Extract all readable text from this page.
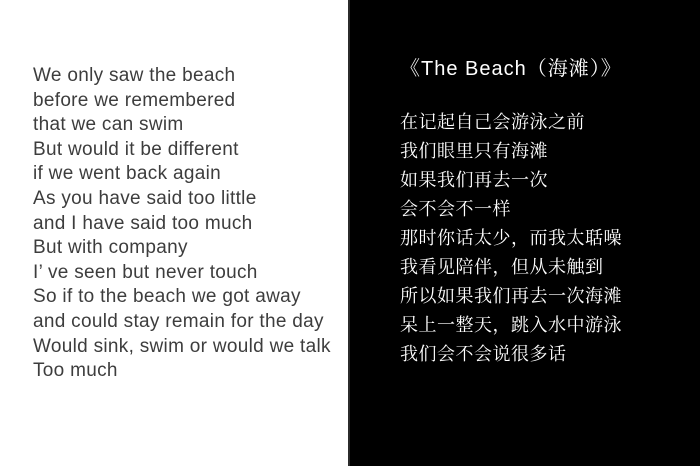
We only saw the beach
before we remembered
that we can swim
But would it be different
if we went back again
As you have said too little
and I have said too much
But with company
I’ ve seen but never touch
So if to the beach we got away
and could stay remain for the day
Would sink, swim or would we talk
Too much
《The Beach（海滩）》
在记起自己会游泳之前
我们眼里只有海滩
如果我们再去一次
会不会不一样
那时你话太少，而我太聒噪
我看见陪伴，但从未触到
所以如果我们再去一次海滩
呆上一整天，跳入水中游泳
我们会不会说很多话
